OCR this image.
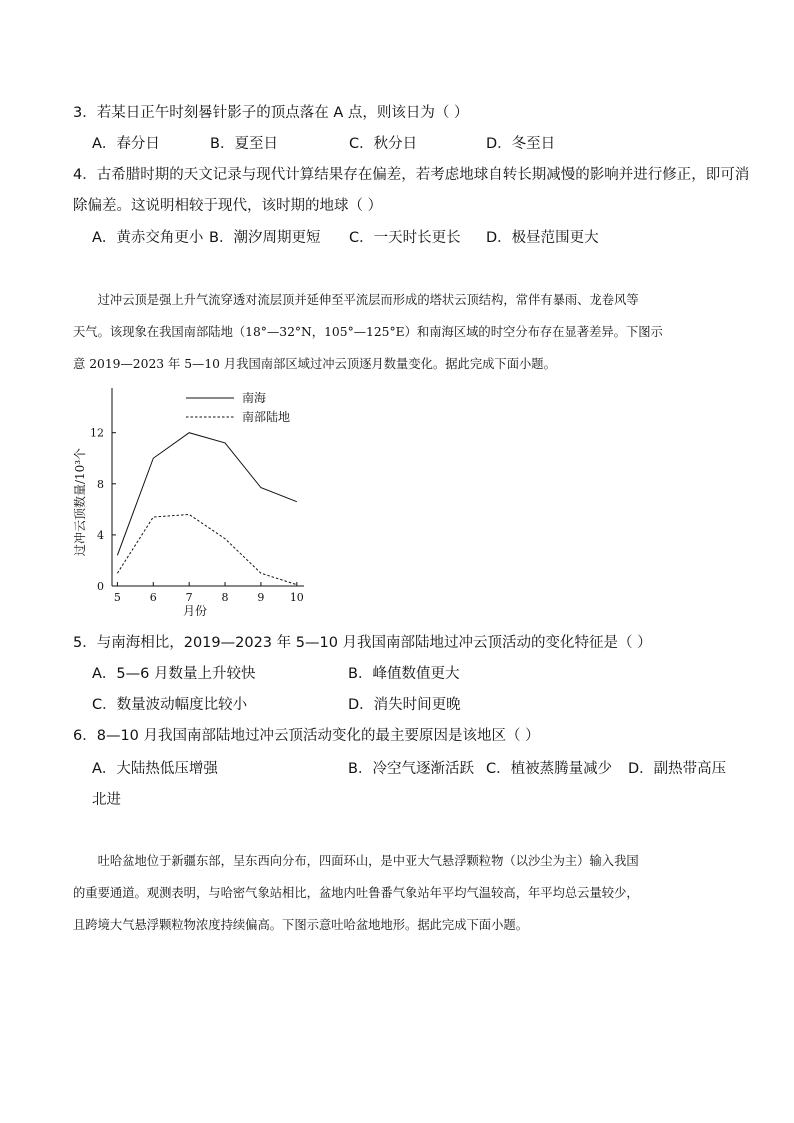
3．若某日正午时刻晷针影子的顶点落在 A 点，则该日为（ ）
A．春分日	B．夏至日	C．秋分日	D．冬至日
4．古希腊时期的天文记录与现代计算结果存在偏差，若考虑地球自转长期减慢的影响并进行修正，即可消
除偏差。这说明相较于现代，该时期的地球（ ）
A．黄赤交角更小 B．潮汐周期更短 C．一天时长更长 D．极昼范围更大
过冲云顶是强上升气流穿透对流层顶并延伸至平流层而形成的塔状云顶结构，常伴有暴雨、龙卷风等
天气。该现象在我国南部陆地（18°—32°N，105°—125°E）和南海区域的时空分布存在显著差异。下图示
意 2019—2023 年 5—10 月我国南部区域过冲云顶逐月数量变化。据此完成下面小题。
0
4
8
12
5	6	7	8	9 10
南海
南部陆地
过冲云顶数量/10³个
月份
5．与南海相比，2019—2023 年 5—10 月我国南部陆地过冲云顶活动的变化特征是（ ）
A．5—6 月数量上升较快	B．峰值数值更大
C．数量波动幅度比较小	D．消失时间更晚
6．8—10 月我国南部陆地过冲云顶活动变化的最主要原因是该地区（ ）
A．大陆热低压增强	B．冷空气逐渐活跃 C．植被蒸腾量减少 D．副热带高压
北进
吐哈盆地位于新疆东部，呈东西向分布，四面环山，是中亚大气悬浮颗粒物（以沙尘为主）输入我国
的重要通道。观测表明，与哈密气象站相比，盆地内吐鲁番气象站年平均气温较高，年平均总云量较少，
且跨境大气悬浮颗粒物浓度持续偏高。下图示意吐哈盆地地形。据此完成下面小题。
